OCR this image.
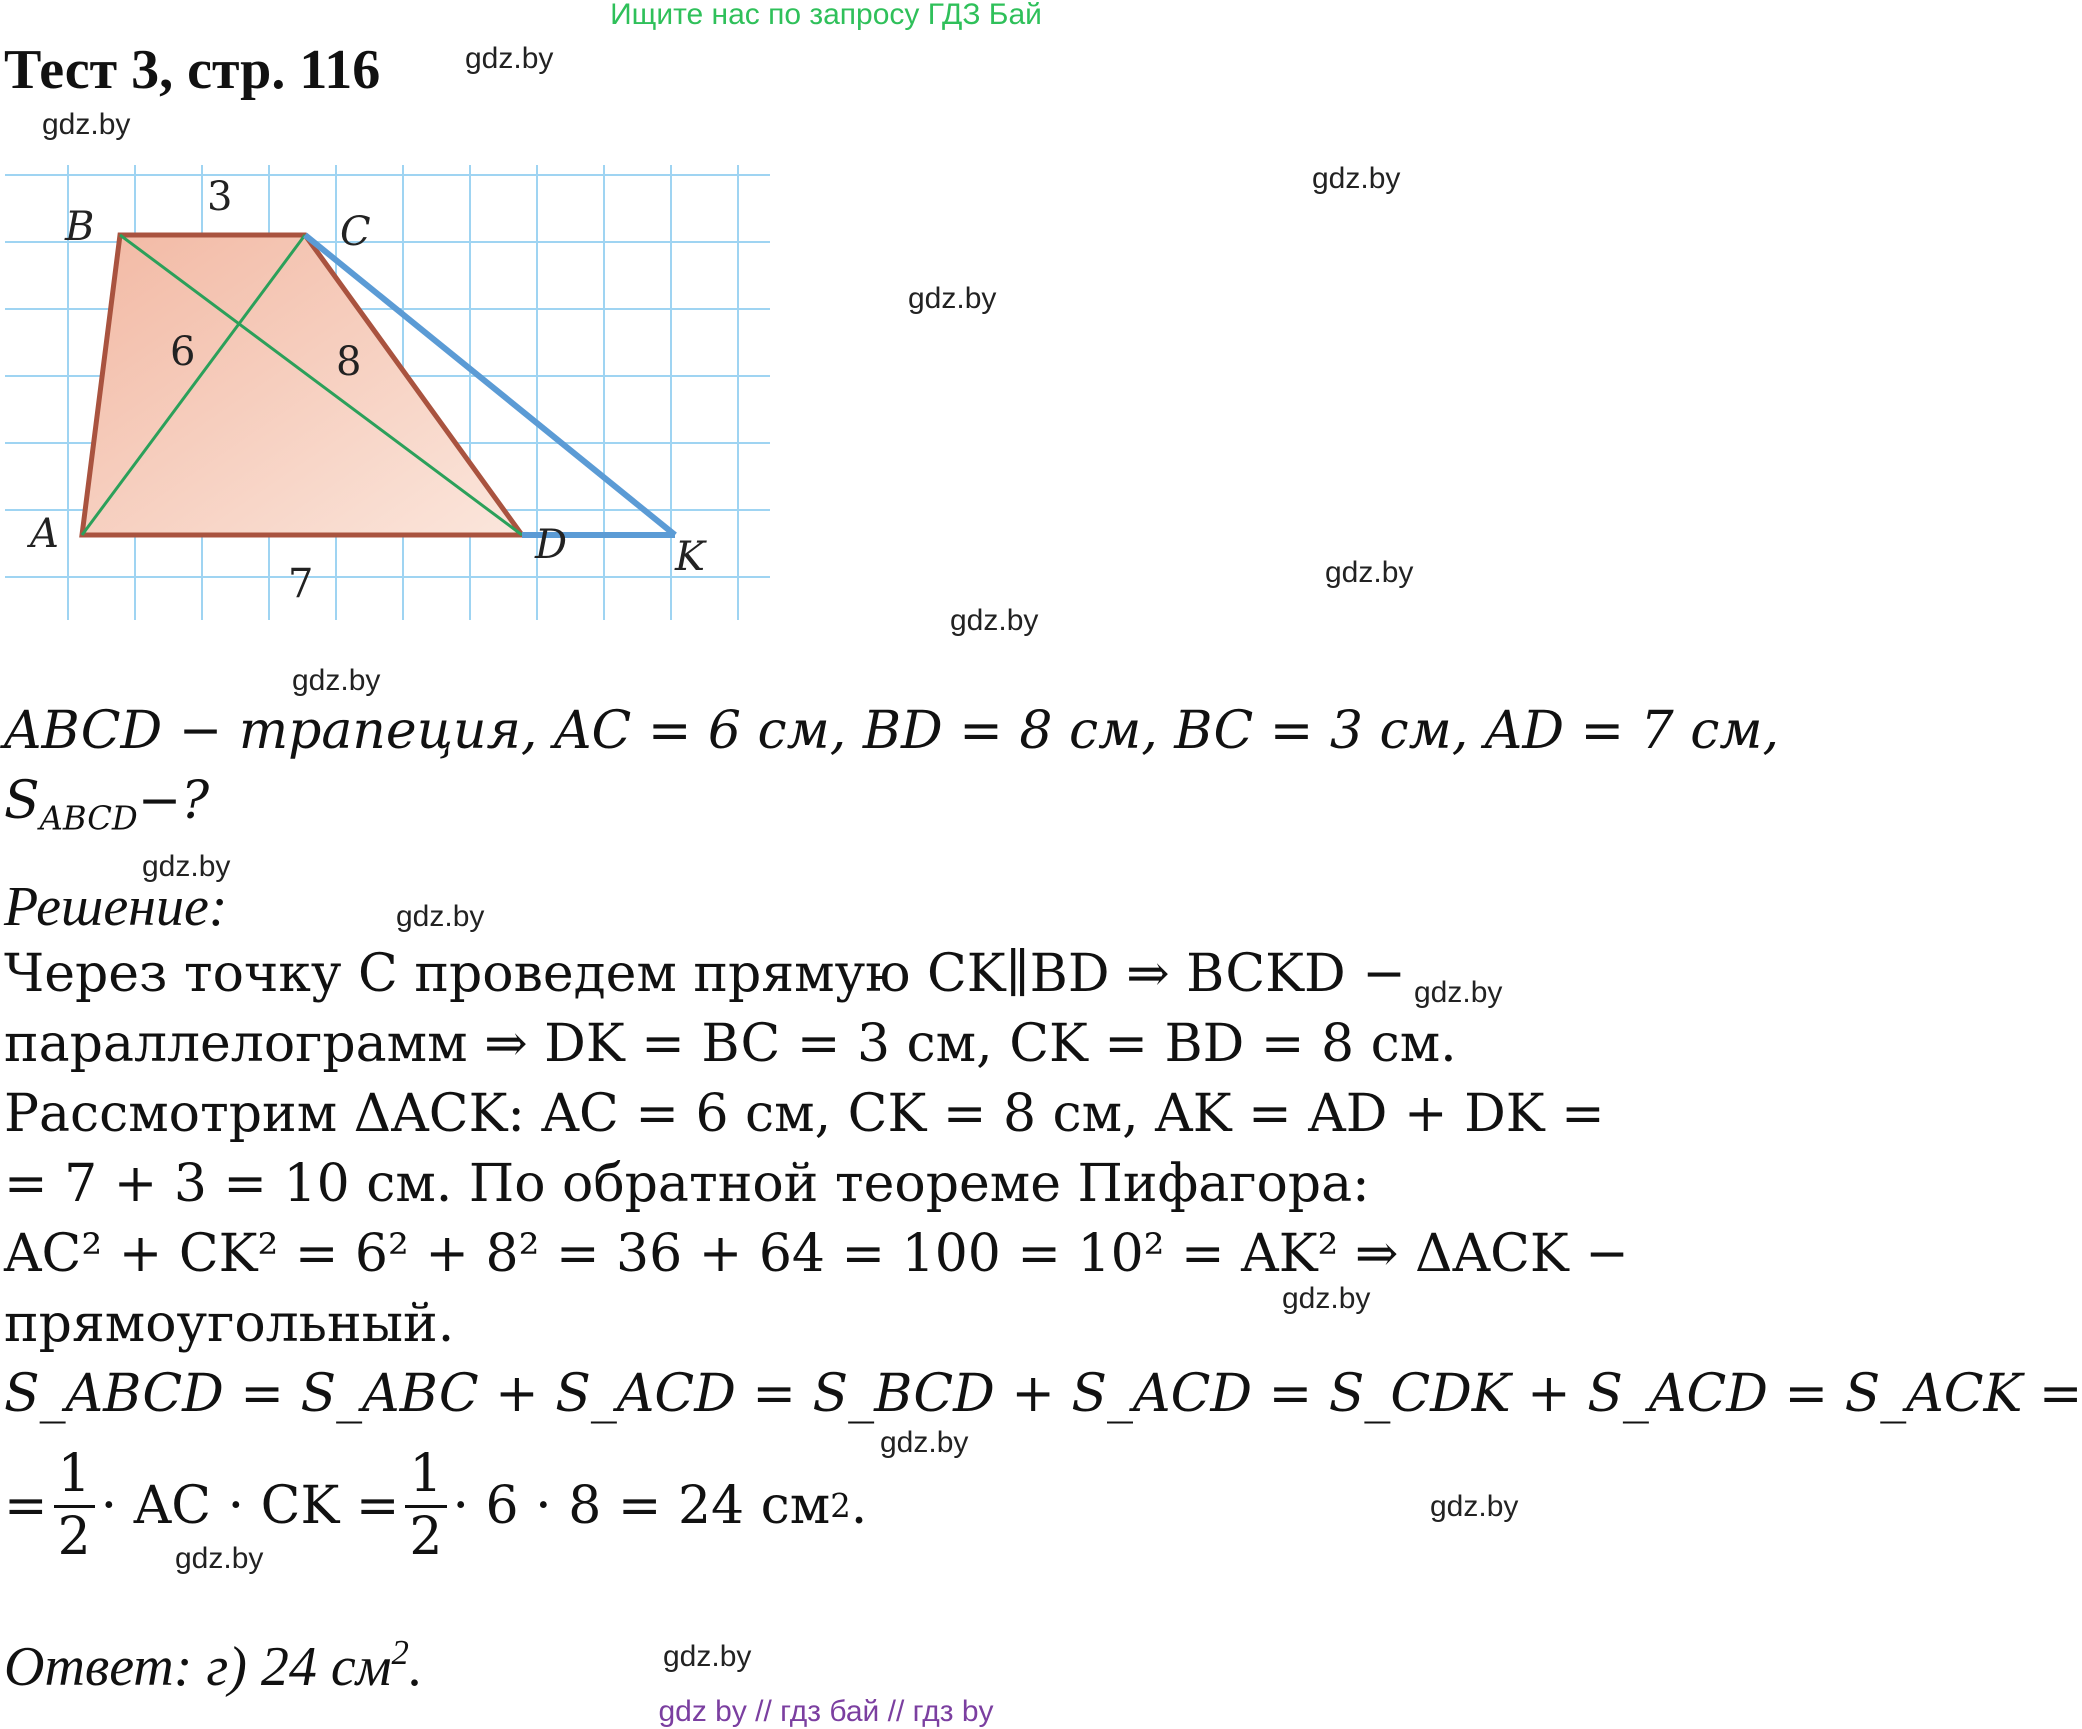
Ищите нас по запросу ГДЗ Бай
Тест 3, стр. 116	gdz.by
gdz.by
gdz.by
gdz.by
gdz.by
gdz.by
gdz.by
gdz.by
gdz.by
gdz.by
gdz.by
gdz.by
gdz.by
gdz.by
gdz.by
B	C
A	D	K
3
6	8
7
ABCD − трапеция, AC = 6 см, BD = 8 см, BC = 3 см, AD = 7 см,
$S_{ABCD}-$?
Решение:
Через точку C проведем прямую CK∥BD ⇒ BCKD −
параллелограмм ⇒ DK = BC = 3 см, CK = BD = 8 см.
Рассмотрим ΔACK: AC = 6 см, CK = 8 см, AK = AD + DK =
= 7 + 3 = 10 см. По обратной теореме Пифагора:
AC² + CK² = 6² + 8² = 36 + 64 = 100 = 10² = AK² ⇒ ΔACK −
прямоугольный.
S_ABCD = S_ABC + S_ACD = S_BCD + S_ACD = S_CDK + S_ACD = S_ACK =
= $\frac{1}{2}$ · AC · CK = $\frac{1}{2} \cdot 6 \cdot 8 = 24$ см 2 .
Ответ: г) 24 $см^2$.
gdz by // гдз бай // гдз by
